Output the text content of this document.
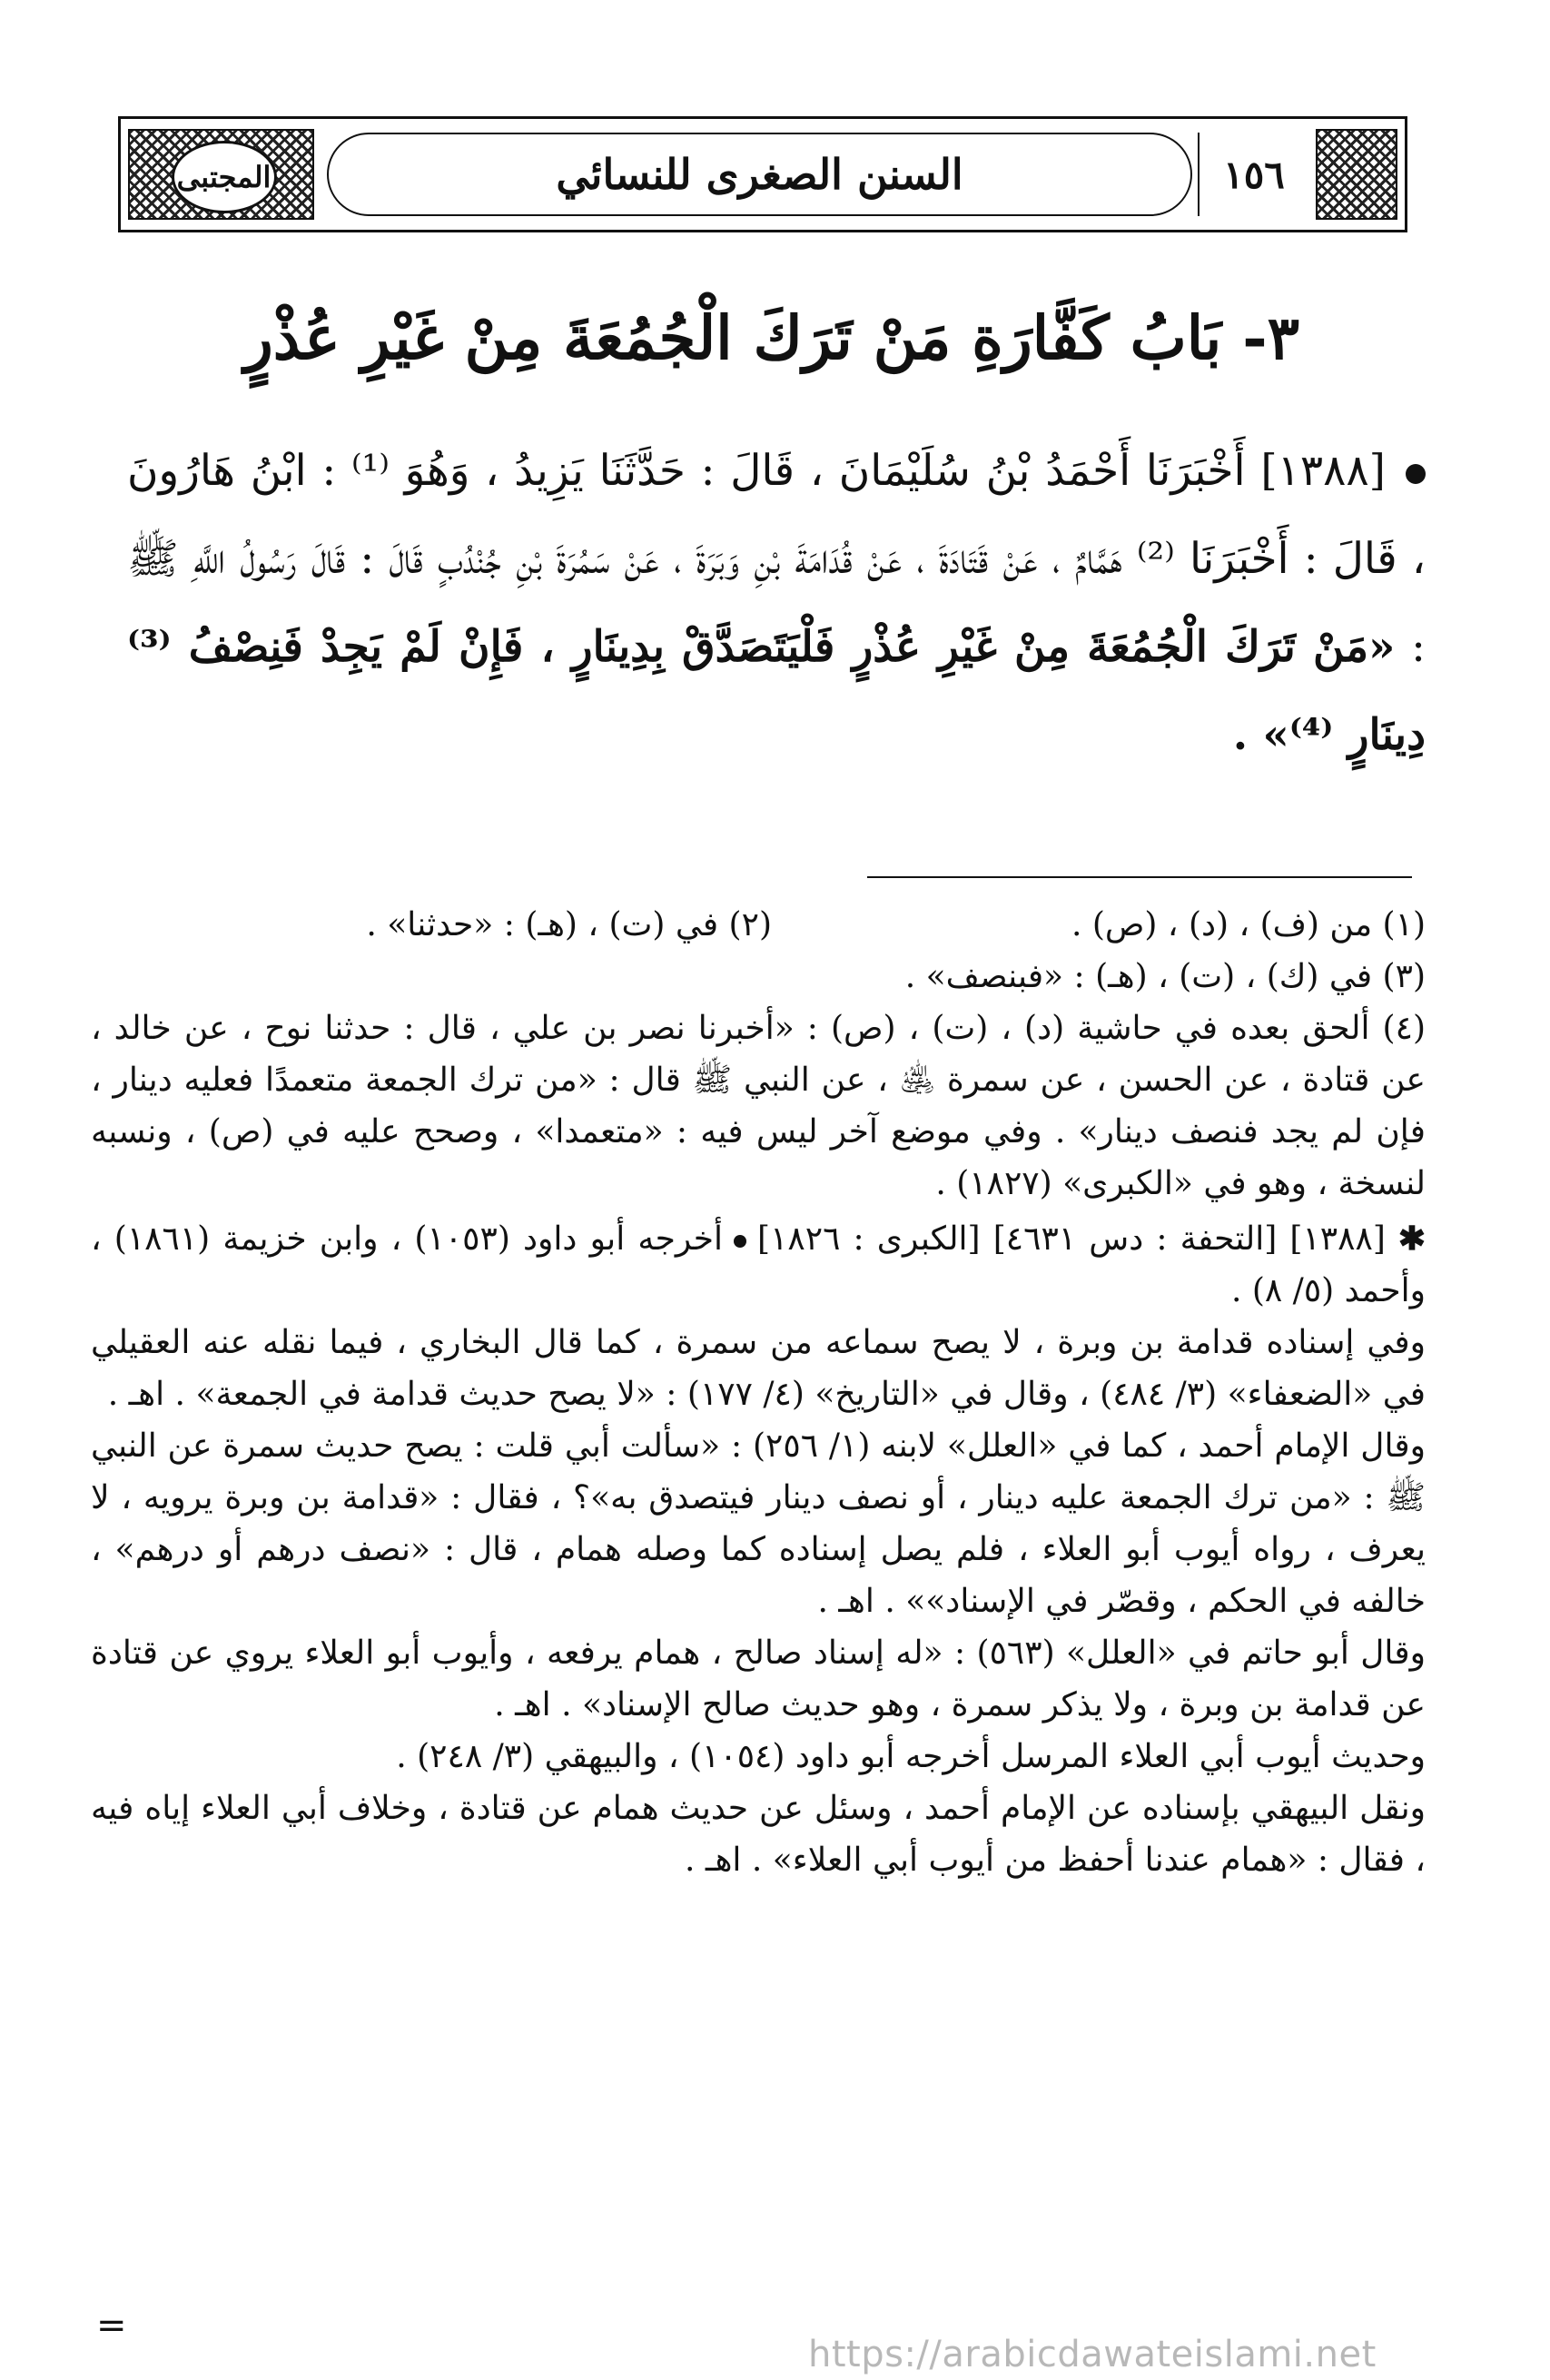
المجتبى	السنن الصغرى للنسائي	١٥٦
٣- بَابُ كَفَّارَةِ مَنْ تَرَكَ الْجُمُعَةَ مِنْ غَيْرِ عُذْرٍ
[١٣٨٨] أَخْبَرَنَا أَحْمَدُ بْنُ سُلَيْمَانَ ، قَالَ : حَدَّثَنَا يَزِيدُ ، وَهُوَ ⁽¹⁾ : ابْنُ هَارُونَ ، قَالَ : أَخْبَرَنَا ⁽²⁾ هَمَّامٌ ، عَنْ قَتَادَةَ ، عَنْ قُدَامَةَ بْنِ وَبَرَةَ ، عَنْ سَمُرَةَ بْنِ جُنْدُبٍ قَالَ : قَالَ رَسُولُ اللَّهِ ﷺ : «مَنْ تَرَكَ الْجُمُعَةَ مِنْ غَيْرِ عُذْرٍ فَلْيَتَصَدَّقْ بِدِينَارٍ ، فَإِنْ لَمْ يَجِدْ فَنِصْفُ ⁽³⁾ دِينَارٍ ⁽⁴⁾» .
(١) من (ف) ، (د) ، (ص) .
(٢) في (ت) ، (هـ) : «حدثنا» .

(٣) في (ك) ، (ت) ، (هـ) : «فبنصف» .

(٤) ألحق بعده في حاشية (د) ، (ت) ، (ص) : «أخبرنا نصر بن علي ، قال : حدثنا نوح ، عن خالد ، عن قتادة ، عن الحسن ، عن سمرة ﵁ ، عن النبي ﷺ قال : «من ترك الجمعة متعمدًا فعليه دينار ، فإن لم يجد فنصف دينار» . وفي موضع آخر ليس فيه : «متعمدا» ، وصحح عليه في (ص) ، ونسبه لنسخة ، وهو في «الكبرى» (١٨٢٧) .

✱[١٣٨٨] [التحفة : دس ٤٦٣١] [الكبرى : ١٨٢٦]أخرجه أبو داود (١٠٥٣) ، وابن خزيمة (١٨٦١) ، وأحمد (٥/ ٨) .

وفي إسناده قدامة بن وبرة ، لا يصح سماعه من سمرة ، كما قال البخاري ، فيما نقله عنه العقيلي في «الضعفاء» (٣/ ٤٨٤) ، وقال في «التاريخ» (٤/ ١٧٧) : «لا يصح حديث قدامة في الجمعة» . اهـ .

وقال الإمام أحمد ، كما في «العلل» لابنه (١/ ٢٥٦) : «سألت أبي قلت : يصح حديث سمرة عن النبي ﷺ : «من ترك الجمعة عليه دينار ، أو نصف دينار فيتصدق به»؟ ، فقال : «قدامة بن وبرة يرويه ، لا يعرف ، رواه أيوب أبو العلاء ، فلم يصل إسناده كما وصله همام ، قال : «نصف درهم أو درهم» ، خالفه في الحكم ، وقصّر في الإسناد»» . اهـ .

وقال أبو حاتم في «العلل» (٥٦٣) : «له إسناد صالح ، همام يرفعه ، وأيوب أبو العلاء يروي عن قتادة عن قدامة بن وبرة ، ولا يذكر سمرة ، وهو حديث صالح الإسناد» . اهـ .

وحديث أيوب أبي العلاء المرسل أخرجه أبو داود (١٠٥٤) ، والبيهقي (٣/ ٢٤٨) .

ونقل البيهقي بإسناده عن الإمام أحمد ، وسئل عن حديث همام عن قتادة ، وخلاف أبي العلاء إياه فيه ، فقال : «همام عندنا أحفظ من أيوب أبي العلاء» . اهـ .

=
https://arabicdawateislami.net
